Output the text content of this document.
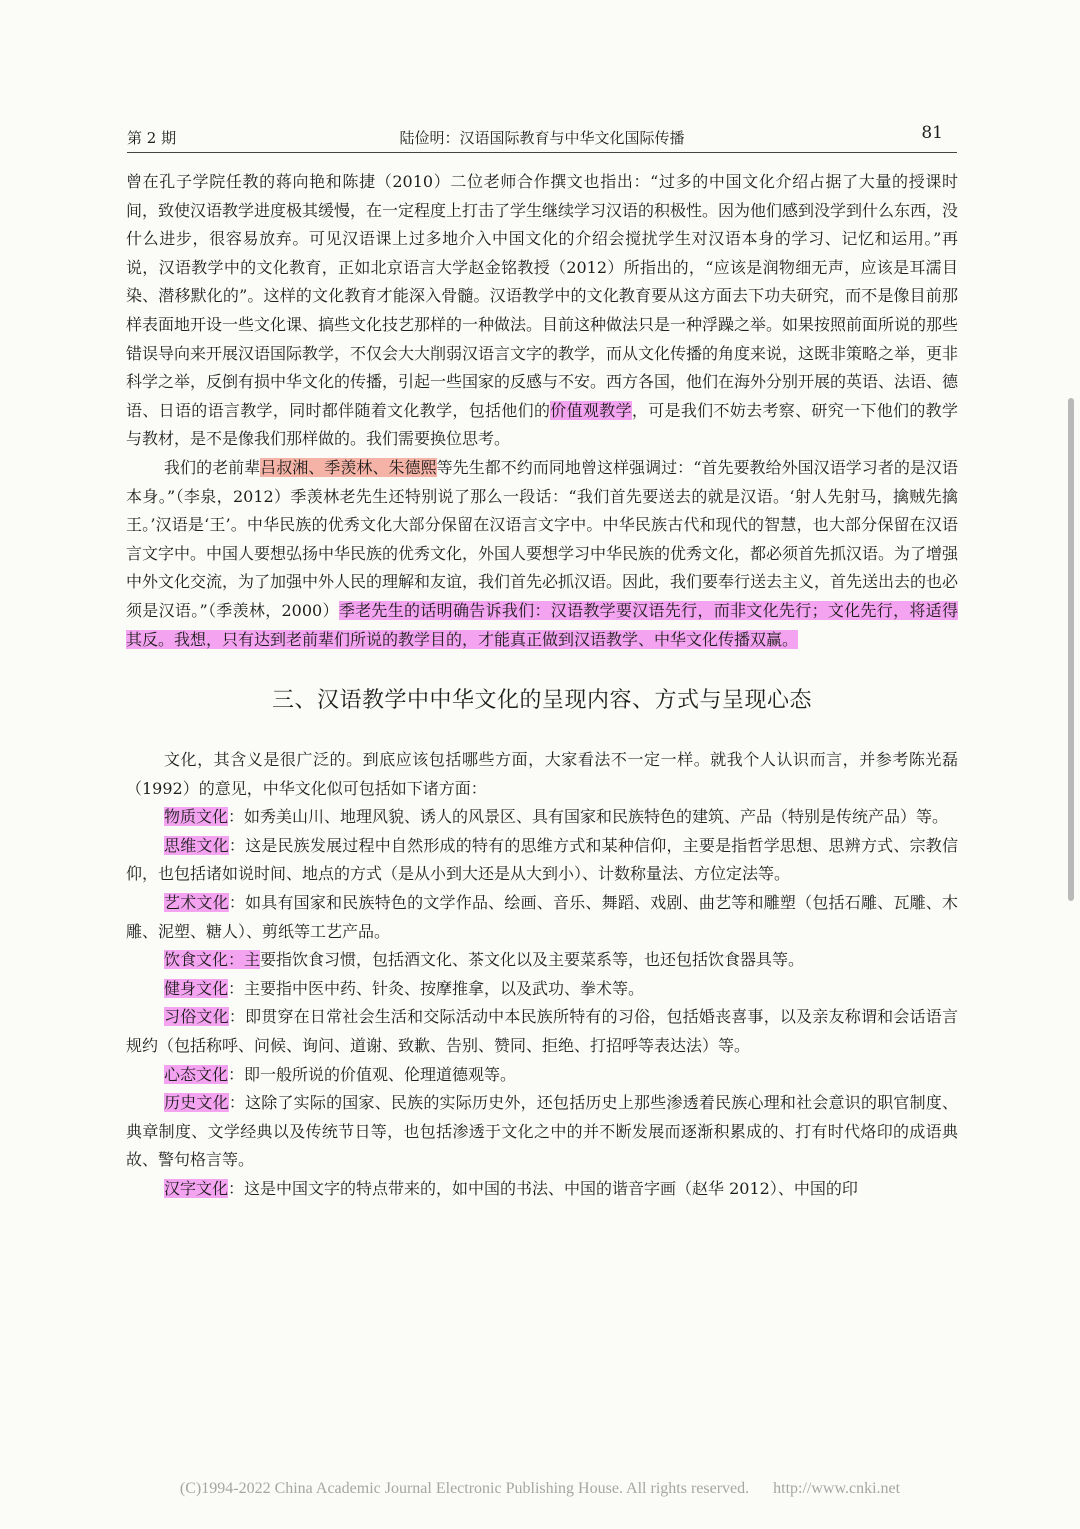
第 2 期	陆俭明：汉语国际教育与中华文化国际传播	81

曾在孔子学院任教的蒋向艳和陈捷（2010）二位老师合作撰文也指出：“过多的中国文化介绍占据了大量的授课时间，致使汉语教学进度极其缓慢，在一定程度上打击了学生继续学习汉语的积极性。因为他们感到没学到什么东西，没什么进步，很容易放弃。可见汉语课上过多地介入中国文化的介绍会搅扰学生对汉语本身的学习、记忆和运用。”再说，汉语教学中的文化教育，正如北京语言大学赵金铭教授（2012）所指出的，“应该是润物细无声，应该是耳濡目染、潜移默化的”。这样的文化教育才能深入骨髓。汉语教学中的文化教育要从这方面去下功夫研究，而不是像目前那样表面地开设一些文化课、搞些文化技艺那样的一种做法。目前这种做法只是一种浮躁之举。如果按照前面所说的那些错误导向来开展汉语国际教学，不仅会大大削弱汉语言文字的教学，而从文化传播的角度来说，这既非策略之举，更非科学之举，反倒有损中华文化的传播，引起一些国家的反感与不安。西方各国，他们在海外分别开展的英语、法语、德语、日语的语言教学，同时都伴随着文化教学，包括他们的价值观教学，可是我们不妨去考察、研究一下他们的教学与教材，是不是像我们那样做的。我们需要换位思考。

我们的老前辈吕叔湘、季羡林、朱德熙等先生都不约而同地曾这样强调过：“首先要教给外国汉语学习者的是汉语本身。”（李泉，2012）季羡林老先生还特别说了那么一段话：“我们首先要送去的就是汉语。‘射人先射马，擒贼先擒王。’汉语是‘王’。中华民族的优秀文化大部分保留在汉语言文字中。中华民族古代和现代的智慧，也大部分保留在汉语言文字中。中国人要想弘扬中华民族的优秀文化，外国人要想学习中华民族的优秀文化，都必须首先抓汉语。为了增强中外文化交流，为了加强中外人民的理解和友谊，我们首先必抓汉语。因此，我们要奉行送去主义，首先送出去的也必须是汉语。”（季羡林，2000）季老先生的话明确告诉我们：汉语教学要汉语先行，而非文化先行；文化先行，将适得其反。我想，只有达到老前辈们所说的教学目的，才能真正做到汉语教学、中华文化传播双赢。

三、汉语教学中中华文化的呈现内容、方式与呈现心态

文化，其含义是很广泛的。到底应该包括哪些方面，大家看法不一定一样。就我个人认识而言，并参考陈光磊（1992）的意见，中华文化似可包括如下诸方面：

物质文化：如秀美山川、地理风貌、诱人的风景区、具有国家和民族特色的建筑、产品（特别是传统产品）等。

思维文化：这是民族发展过程中自然形成的特有的思维方式和某种信仰，主要是指哲学思想、思辨方式、宗教信仰，也包括诸如说时间、地点的方式（是从小到大还是从大到小）、计数称量法、方位定法等。

艺术文化：如具有国家和民族特色的文学作品、绘画、音乐、舞蹈、戏剧、曲艺等和雕塑（包括石雕、瓦雕、木雕、泥塑、糖人）、剪纸等工艺产品。

饮食文化：主要指饮食习惯，包括酒文化、茶文化以及主要菜系等，也还包括饮食器具等。

健身文化：主要指中医中药、针灸、按摩推拿，以及武功、拳术等。

习俗文化：即贯穿在日常社会生活和交际活动中本民族所特有的习俗，包括婚丧喜事，以及亲友称谓和会话语言规约（包括称呼、问候、询问、道谢、致歉、告别、赞同、拒绝、打招呼等表达法）等。

心态文化：即一般所说的价值观、伦理道德观等。

历史文化：这除了实际的国家、民族的实际历史外，还包括历史上那些渗透着民族心理和社会意识的职官制度、典章制度、文学经典以及传统节日等，也包括渗透于文化之中的并不断发展而逐渐积累成的、打有时代烙印的成语典故、警句格言等。

汉字文化：这是中国文字的特点带来的，如中国的书法、中国的谐音字画（赵华 2012）、中国的印

(C)1994-2022 China Academic Journal Electronic Publishing House. All rights reserved. http://www.cnki.net
